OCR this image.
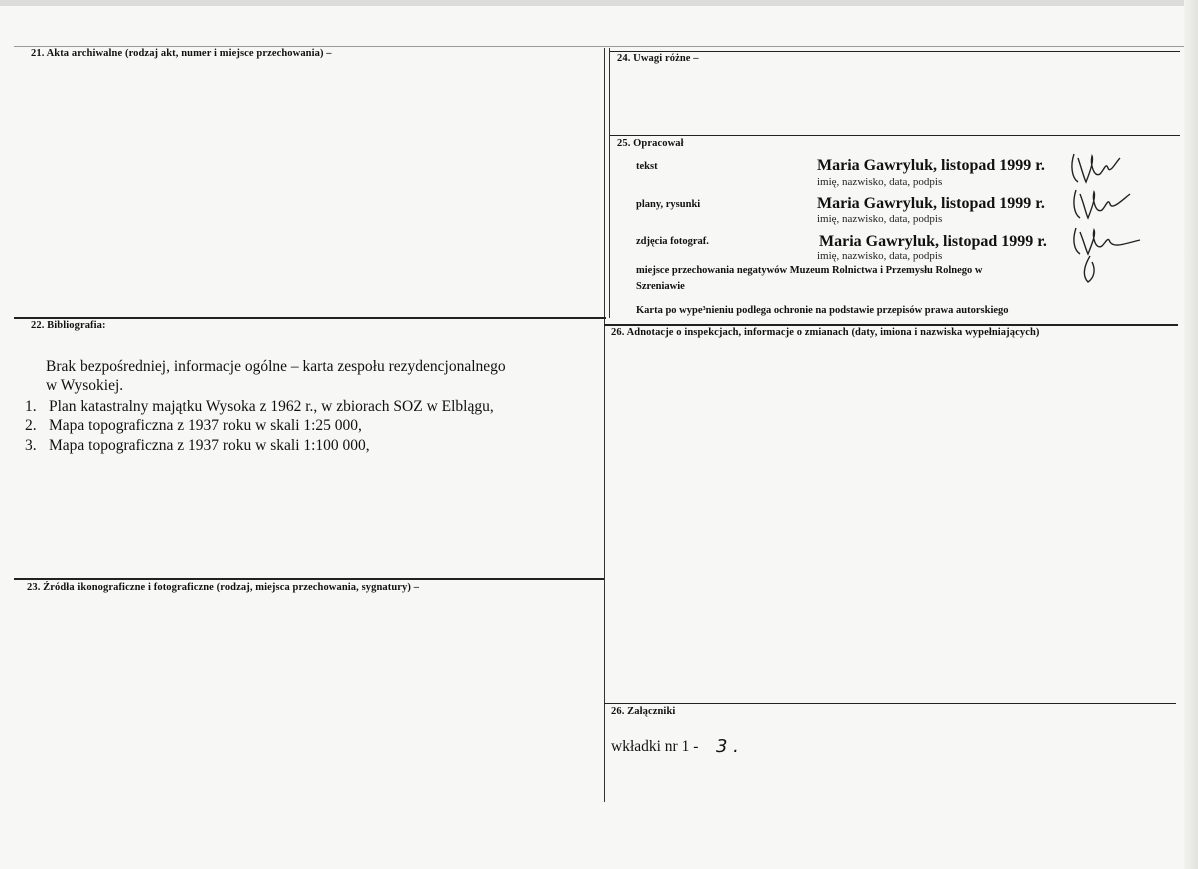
21. Akta archiwalne (rodzaj akt, numer i miejsce przechowania) –	24. Uwagi różne –
25. Opracował
tekst	Maria Gawryluk, listopad 1999 r.
imię, nazwisko, data, podpis
plany, rysunki	Maria Gawryluk, listopad 1999 r.
imię, nazwisko, data, podpis
zdjęcia fotograf.	Maria Gawryluk, listopad 1999 r.
imię, nazwisko, data, podpis
miejsce przechowania negatywów Muzeum Rolnictwa i Przemysłu Rolnego w
Szreniawie
Karta po wype³nieniu podlega ochronie na podstawie przepisów prawa autorskiego
22. Bibliografia:
Brak bezpośredniej, informacje ogólne – karta zespołu rezydencjonalnego
w Wysokiej.
1. Plan katastralny majątku Wysoka z 1962 r., w zbiorach SOZ w Elblągu,
2. Mapa topograficzna z 1937 roku w skali 1:25 000,
3. Mapa topograficzna z 1937 roku w skali 1:100 000,
26. Adnotacje o inspekcjach, informacje o zmianach (daty, imiona i nazwiska wypełniających)
23. Źródła ikonograficzne i fotograficzne (rodzaj, miejsca przechowania, sygnatury) –
26. Załączniki
wkładki nr 1 - 3 .
